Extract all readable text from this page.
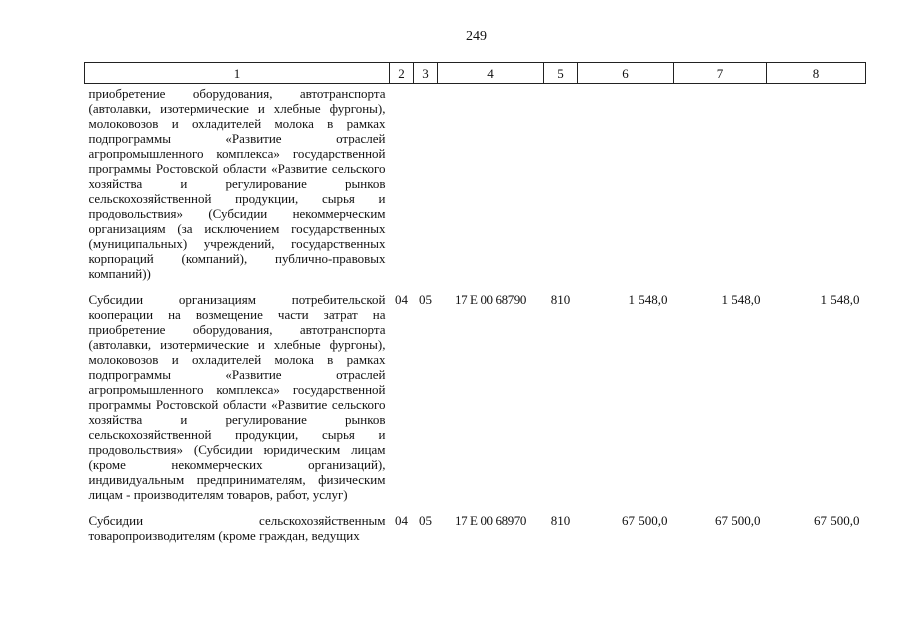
249
1	2	3	4	5	6	7	8
приобретение оборудования, автотранспорта (автолавки, изотермические и хлебные фургоны), молоковозов и охладителей молока в рамках подпрограммы «Развитие отраслей агропромышленного комплекса» государственной программы Ростовской области «Развитие сельского хозяйства и регулирование рынков сельскохозяйственной продукции, сырья и продовольствия» (Субсидии некоммерческим организациям (за исключением государственных (муниципальных) учреждений, государственных корпораций (компаний), публично-правовых компаний))							
Субсидии организациям потребительской кооперации на возмещение части затрат на приобретение оборудования, автотранспорта (автолавки, изотермические и хлебные фургоны), молоковозов и охладителей молока в рамках подпрограммы «Развитие отраслей агропромышленного комплекса» государственной программы Ростовской области «Развитие сельского хозяйства и регулирование рынков сельскохозяйственной продукции, сырья и продовольствия» (Субсидии юридическим лицам (кроме некоммерческих организаций), индивидуальным предпринимателям, физическим лицам - производителям товаров, работ, услуг)	04	05	17 Е 00 68790	810	1 548,0	1 548,0	1 548,0
Субсидии сельскохозяйственным товаропроизводителям (кроме граждан, ведущих	04	05	17 Е 00 68970	810	67 500,0	67 500,0	67 500,0
